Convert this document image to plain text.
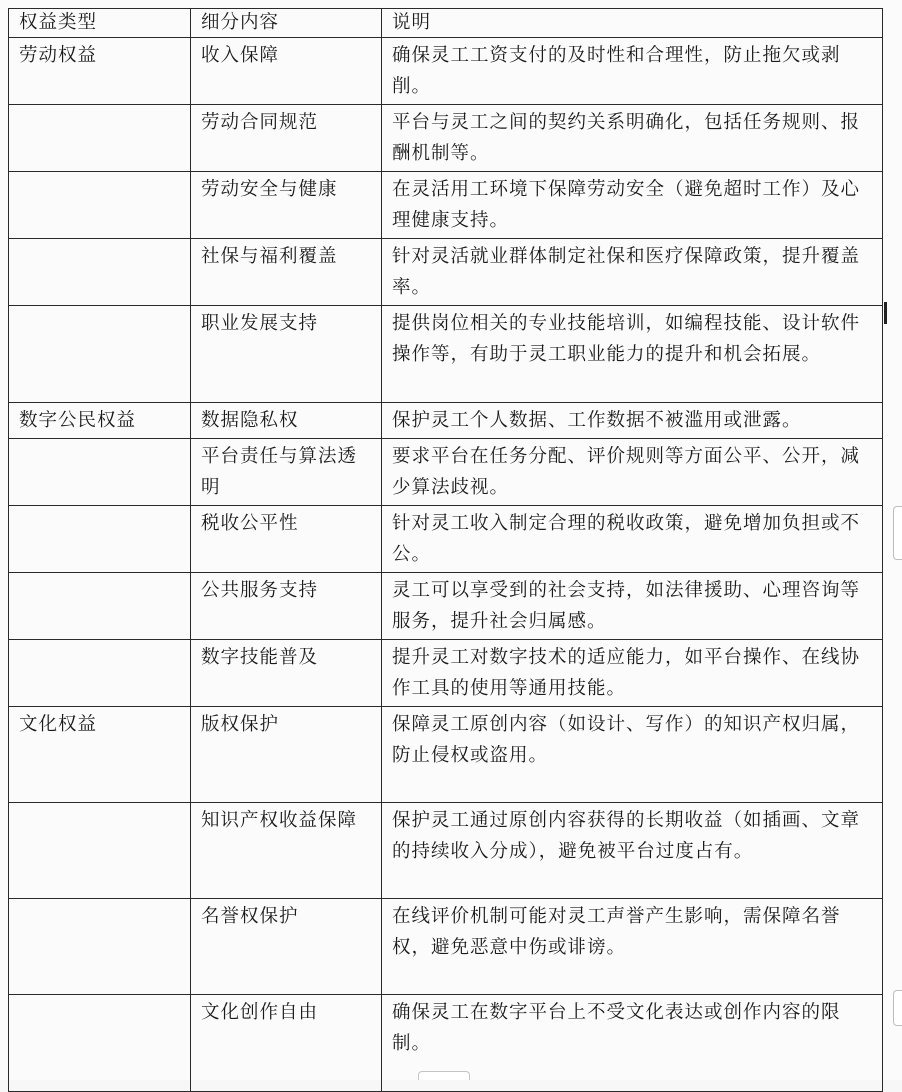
权益类型	细分内容	说明
劳动权益	收入保障	确保灵工工资支付的及时性和合理性，防止拖欠或剥削。
	劳动合同规范	平台与灵工之间的契约关系明确化，包括任务规则、报酬机制等。
	劳动安全与健康	在灵活用工环境下保障劳动安全（避免超时工作）及心理健康支持。
	社保与福利覆盖	针对灵活就业群体制定社保和医疗保障政策，提升覆盖率。
	职业发展支持	提供岗位相关的专业技能培训，如编程技能、设计软件操作等，有助于灵工职业能力的提升和机会拓展。
数字公民权益	数据隐私权	保护灵工个人数据、工作数据不被滥用或泄露。
	平台责任与算法透明	要求平台在任务分配、评价规则等方面公平、公开，减少算法歧视。
	税收公平性	针对灵工收入制定合理的税收政策，避免增加负担或不公。
	公共服务支持	灵工可以享受到的社会支持，如法律援助、心理咨询等服务，提升社会归属感。
	数字技能普及	提升灵工对数字技术的适应能力，如平台操作、在线协作工具的使用等通用技能。
文化权益	版权保护	保障灵工原创内容（如设计、写作）的知识产权归属，防止侵权或盗用。
	知识产权收益保障	保护灵工通过原创内容获得的长期收益（如插画、文章的持续收入分成），避免被平台过度占有。
	名誉权保护	在线评价机制可能对灵工声誉产生影响，需保障名誉权，避免恶意中伤或诽谤。
	文化创作自由	确保灵工在数字平台上不受文化表达或创作内容的限制。
